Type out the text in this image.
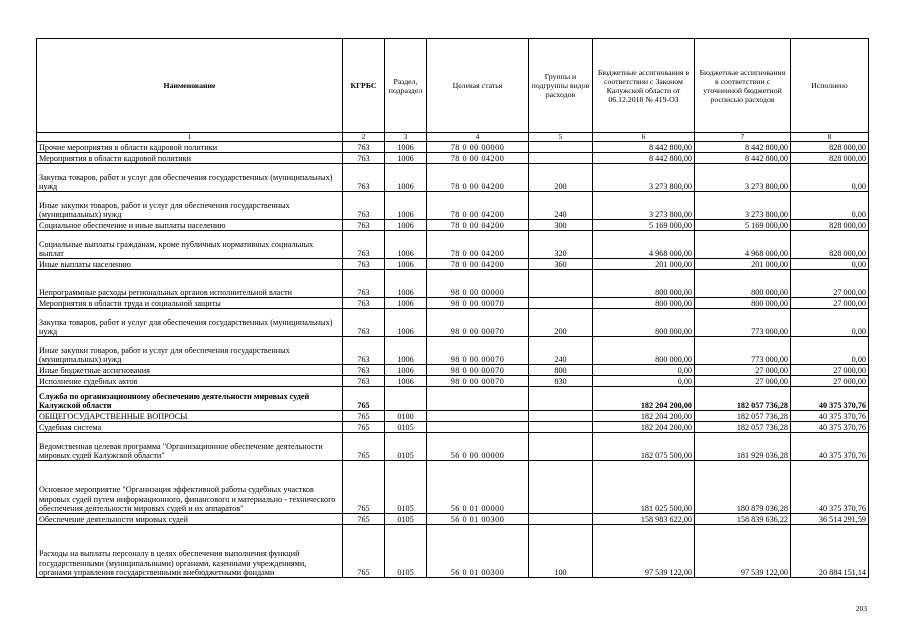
Наименование	КГРБС	Раздел, подраздел	Целевая статья	Группы и подгруппы видов расходов	Бюджетные ассигнования в соответствии с Законом Калужской области от 06.12.2018 № 419-ОЗ	Бюджетные ассигнования в соответствии с уточненной бюджетной росписью расходов	Исполнено
1	2	3	4	5	6	7	8
Прочие мероприятия в области кадровой политики	763	1006	78 0 00 00000		8 442 800,00	8 442 800,00	828 000,00
Мероприятия в области кадровой политики	763	1006	78 0 00 04200		8 442 800,00	8 442 800,00	828 000,00
Закупка товаров, работ и услуг для обеспечения государственных (муниципальных) нужд	763	1006	78 0 00 04200	200	3 273 800,00	3 273 800,00	0,00
Иные закупки товаров, работ и услуг для обеспечения государственных (муниципальных) нужд	763	1006	78 0 00 04200	240	3 273 800,00	3 273 800,00	0,00
Социальное обеспечение и иные выплаты населению	763	1006	78 0 00 04200	300	5 169 000,00	5 169 000,00	828 000,00
Социальные выплаты гражданам, кроме публичных нормативных социальных выплат	763	1006	78 0 00 04200	320	4 968 000,00	4 968 000,00	828 000,00
Иные выплаты населению	763	1006	78 0 00 04200	360	201 000,00	201 000,00	0,00
Непрограммные расходы региональных органов исполнительной власти	763	1006	98 0 00 00000		800 000,00	800 000,00	27 000,00
Мероприятия в области труда и социальной защиты	763	1006	98 0 00 00070		800 000,00	800 000,00	27 000,00
Закупка товаров, работ и услуг для обеспечения государственных (муниципальных) нужд	763	1006	98 0 00 00070	200	800 000,00	773 000,00	0,00
Иные закупки товаров, работ и услуг для обеспечения государственных (муниципальных) нужд	763	1006	98 0 00 00070	240	800 000,00	773 000,00	0,00
Иные бюджетные ассигнования	763	1006	98 0 00 00070	800	0,00	27 000,00	27 000,00
Исполнение судебных актов	763	1006	98 0 00 00070	830	0,00	27 000,00	27 000,00
Служба по организационному обеспечению деятельности мировых судей Калужской области	765				182 204 200,00	182 057 736,28	40 375 370,76
ОБЩЕГОСУДАРСТВЕННЫЕ ВОПРОСЫ	765	0100			182 204 200,00	182 057 736,28	40 375 370,76
Судебная система	765	0105			182 204 200,00	182 057 736,28	40 375 370,76
Ведомственная целевая программа "Организационное обеспечение деятельности мировых судей Калужской области"	765	0105	56 0 00 00000		182 075 500,00	181 929 036,28	40 375 370,76
Основное мероприятие "Организация эффективной работы судебных участков мировых судей путем информационного, финансового и материально - технического обеспечения деятельности мировых судей и их аппаратов"	765	0105	56 0 01 00000		181 025 500,00	180 879 036,28	40 375 370,76
Обеспечение деятельности мировых судей	765	0105	56 0 01 00300		158 983 622,00	158 839 636,22	36 514 291,59
Расходы на выплаты персоналу в целях обеспечения выполнения функций государственными (муниципальными) органами, казенными учреждениями, органами управления государственными внебюджетными фондами	765	0105	56 0 01 00300	100	97 539 122,00	97 539 122,00	20 884 151,14
203
